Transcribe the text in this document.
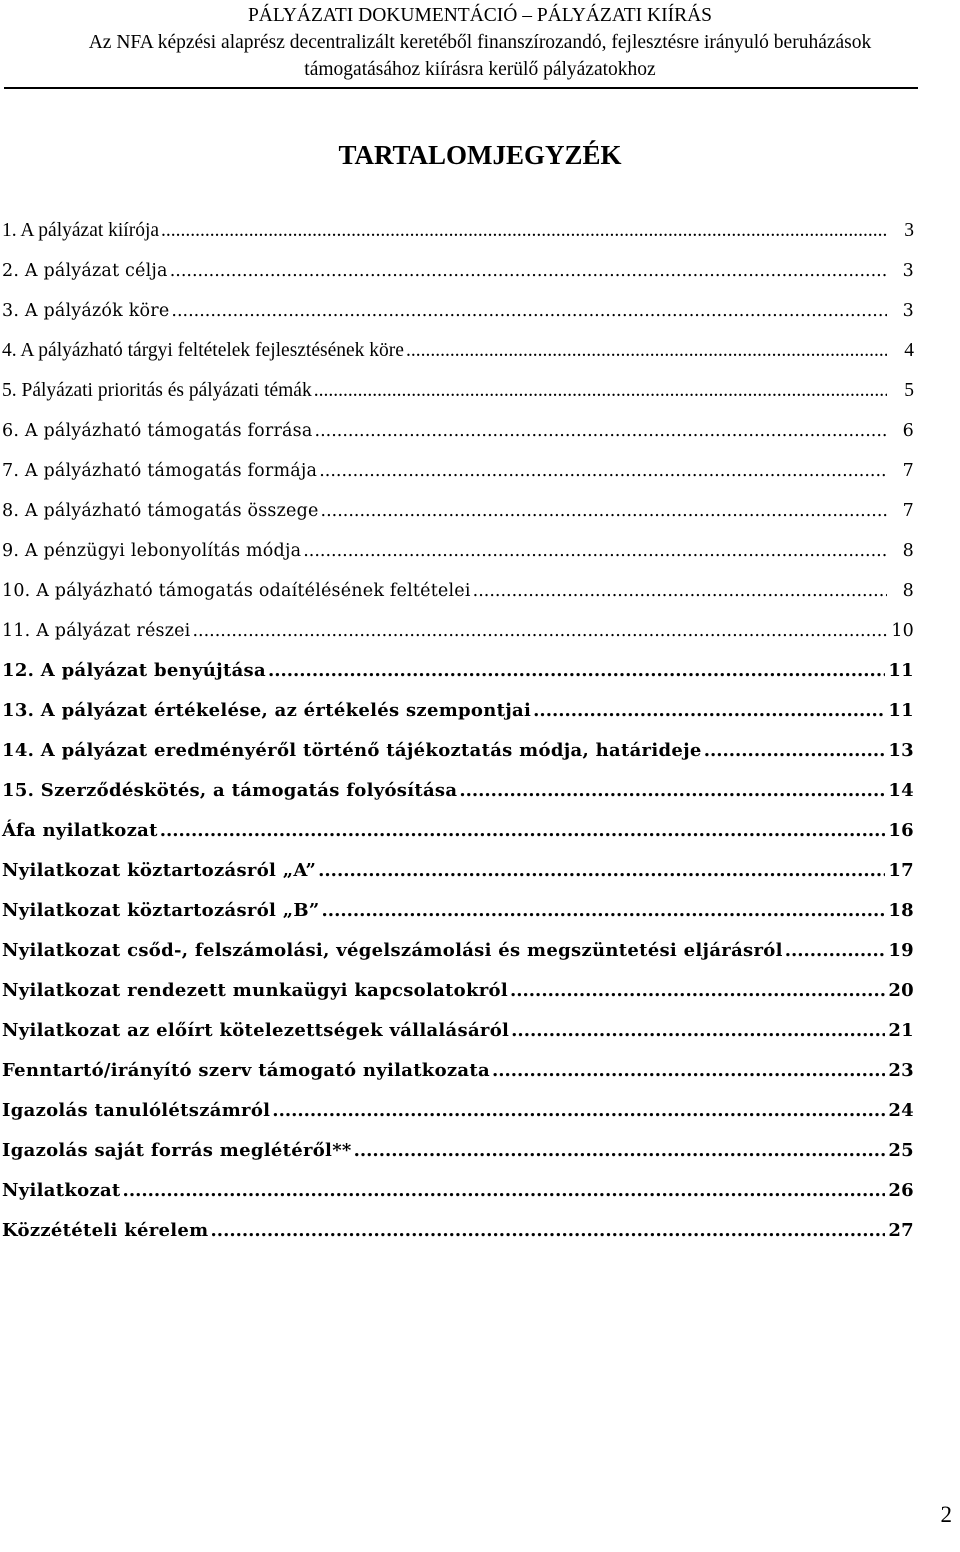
PÁLYÁZATI DOKUMENTÁCIÓ – PÁLYÁZATI KIÍRÁS
Az NFA képzési alaprész decentralizált keretéből finanszírozandó, fejlesztésre irányuló beruházások
támogatásához kiírásra kerülő pályázatokhoz
TARTALOMJEGYZÉK
1. A pályázat kiírója .....	3
2. A pályázat célja .....	3
3. A pályázók köre .....	3
4. A pályázható tárgyi feltételek fejlesztésének köre .....	4
5. Pályázati prioritás és pályázati témák .....	5
6. A pályázható támogatás forrása .....	6
7. A pályázható támogatás formája .....	7
8. A pályázható támogatás összege .....	7
9. A pénzügyi lebonyolítás módja .....	8
10. A pályázható támogatás odaítélésének feltételei .....	8
11. A pályázat részei .....	10
12. A pályázat benyújtása .....	11
13. A pályázat értékelése, az értékelés szempontjai .....	11
14. A pályázat eredményéről történő tájékoztatás módja, határideje .....	13
15. Szerződéskötés, a támogatás folyósítása .....	14
Áfa nyilatkozat .....	16
Nyilatkozat köztartozásról „A” .....	17
Nyilatkozat köztartozásról „B” .....	18
Nyilatkozat csőd-, felszámolási, végelszámolási és megszüntetési eljárásról .....	19
Nyilatkozat rendezett munkaügyi kapcsolatokról .....	20
Nyilatkozat az előírt kötelezettségek vállalásáról .....	21
Fenntartó/irányító szerv támogató nyilatkozata .....	23
Igazolás tanulólétszámról .....	24
Igazolás saját forrás meglétéről** .....	25
Nyilatkozat .....	26
Közzétételi kérelem .....	27
2
